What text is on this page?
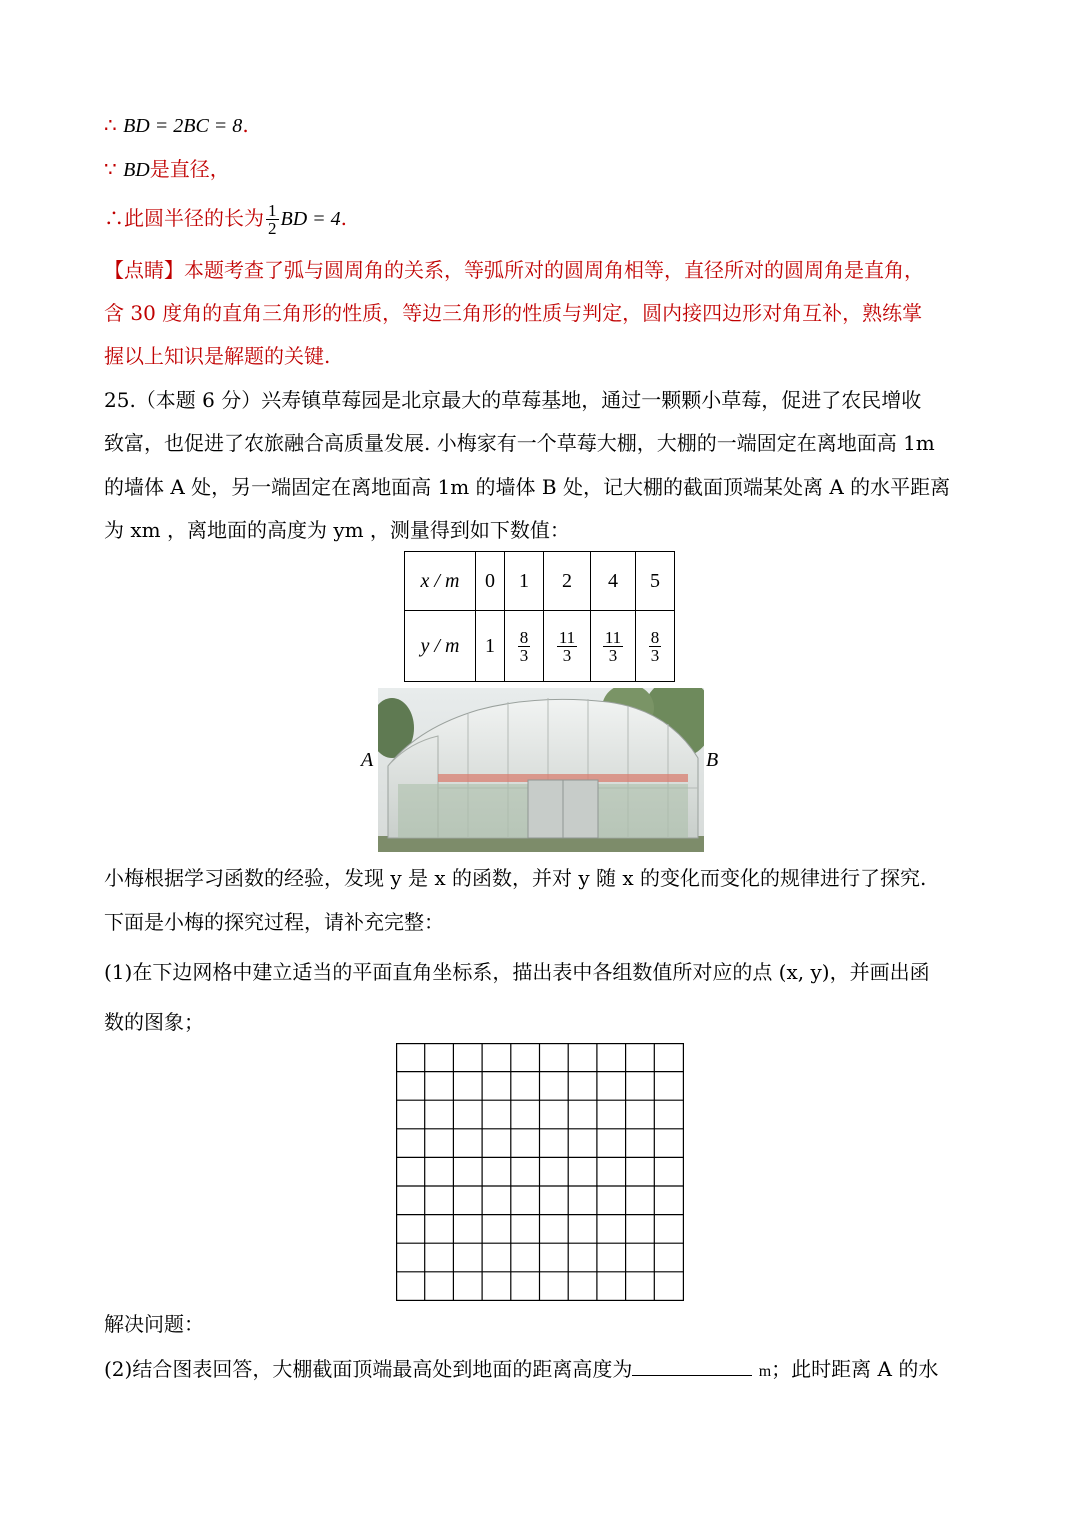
∴ BD = 2BC = 8.
∵ BD是直径，
∴此圆半径的长为 $\frac{1}{2}$ BD = 4.
【点睛】本题考查了弧与圆周角的关系，等弧所对的圆周角相等，直径所对的圆周角是直角，
含 30 度角的直角三角形的性质，等边三角形的性质与判定，圆内接四边形对角互补，熟练掌
握以上知识是解题的关键.
25.（本题 6 分）兴寿镇草莓园是北京最大的草莓基地，通过一颗颗小草莓，促进了农民增收
致富，也促进了农旅融合高质量发展. 小梅家有一个草莓大棚，大棚的一端固定在离地面高 1m
的墙体 A 处，另一端固定在离地面高 1m 的墙体 B 处，记大棚的截面顶端某处离 A 的水平距离
为 xm ，离地面的高度为 ym ，测量得到如下数值：
x / m	0	1	2	4	5
y / m	1	$\frac{8}{3}$	$\frac{11}{3}$	$\frac{11}{3}$	$\frac{8}{3}$
A	B
小梅根据学习函数的经验，发现 y 是 x 的函数，并对 y 随 x 的变化而变化的规律进行了探究.
下面是小梅的探究过程，请补充完整：
(1)在下边网格中建立适当的平面直角坐标系，描出表中各组数值所对应的点 (x, y)，并画出函
数的图象；
解决问题：
(2)结合图表回答，大棚截面顶端最高处到地面的距离高度为	m；此时距离 A 的水
